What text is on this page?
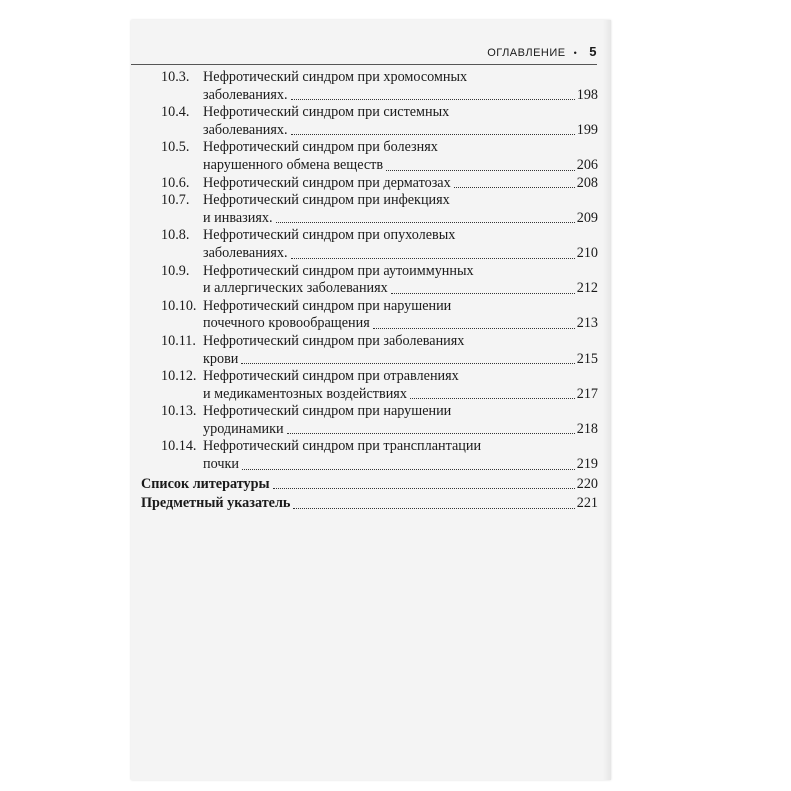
ОГЛАВЛЕНИЕ • 5
10.3. Нефротический синдром при хромосомных
заболеваниях.	198
10.4. Нефротический синдром при системных
заболеваниях.	199
10.5. Нефротический синдром при болезнях
нарушенного обмена веществ	206
10.6. Нефротический синдром при дерматозах	208
10.7. Нефротический синдром при инфекциях
и инвазиях.	209
10.8. Нефротический синдром при опухолевых
заболеваниях.	210
10.9. Нефротический синдром при аутоиммунных
и аллергических заболеваниях	212
10.10. Нефротический синдром при нарушении
почечного кровообращения	213
10.11. Нефротический синдром при заболеваниях
крови	215
10.12. Нефротический синдром при отравлениях
и медикаментозных воздействиях	217
10.13. Нефротический синдром при нарушении
уродинамики	218
10.14. Нефротический синдром при трансплантации
почки	219
Список литературы	220
Предметный указатель	221
